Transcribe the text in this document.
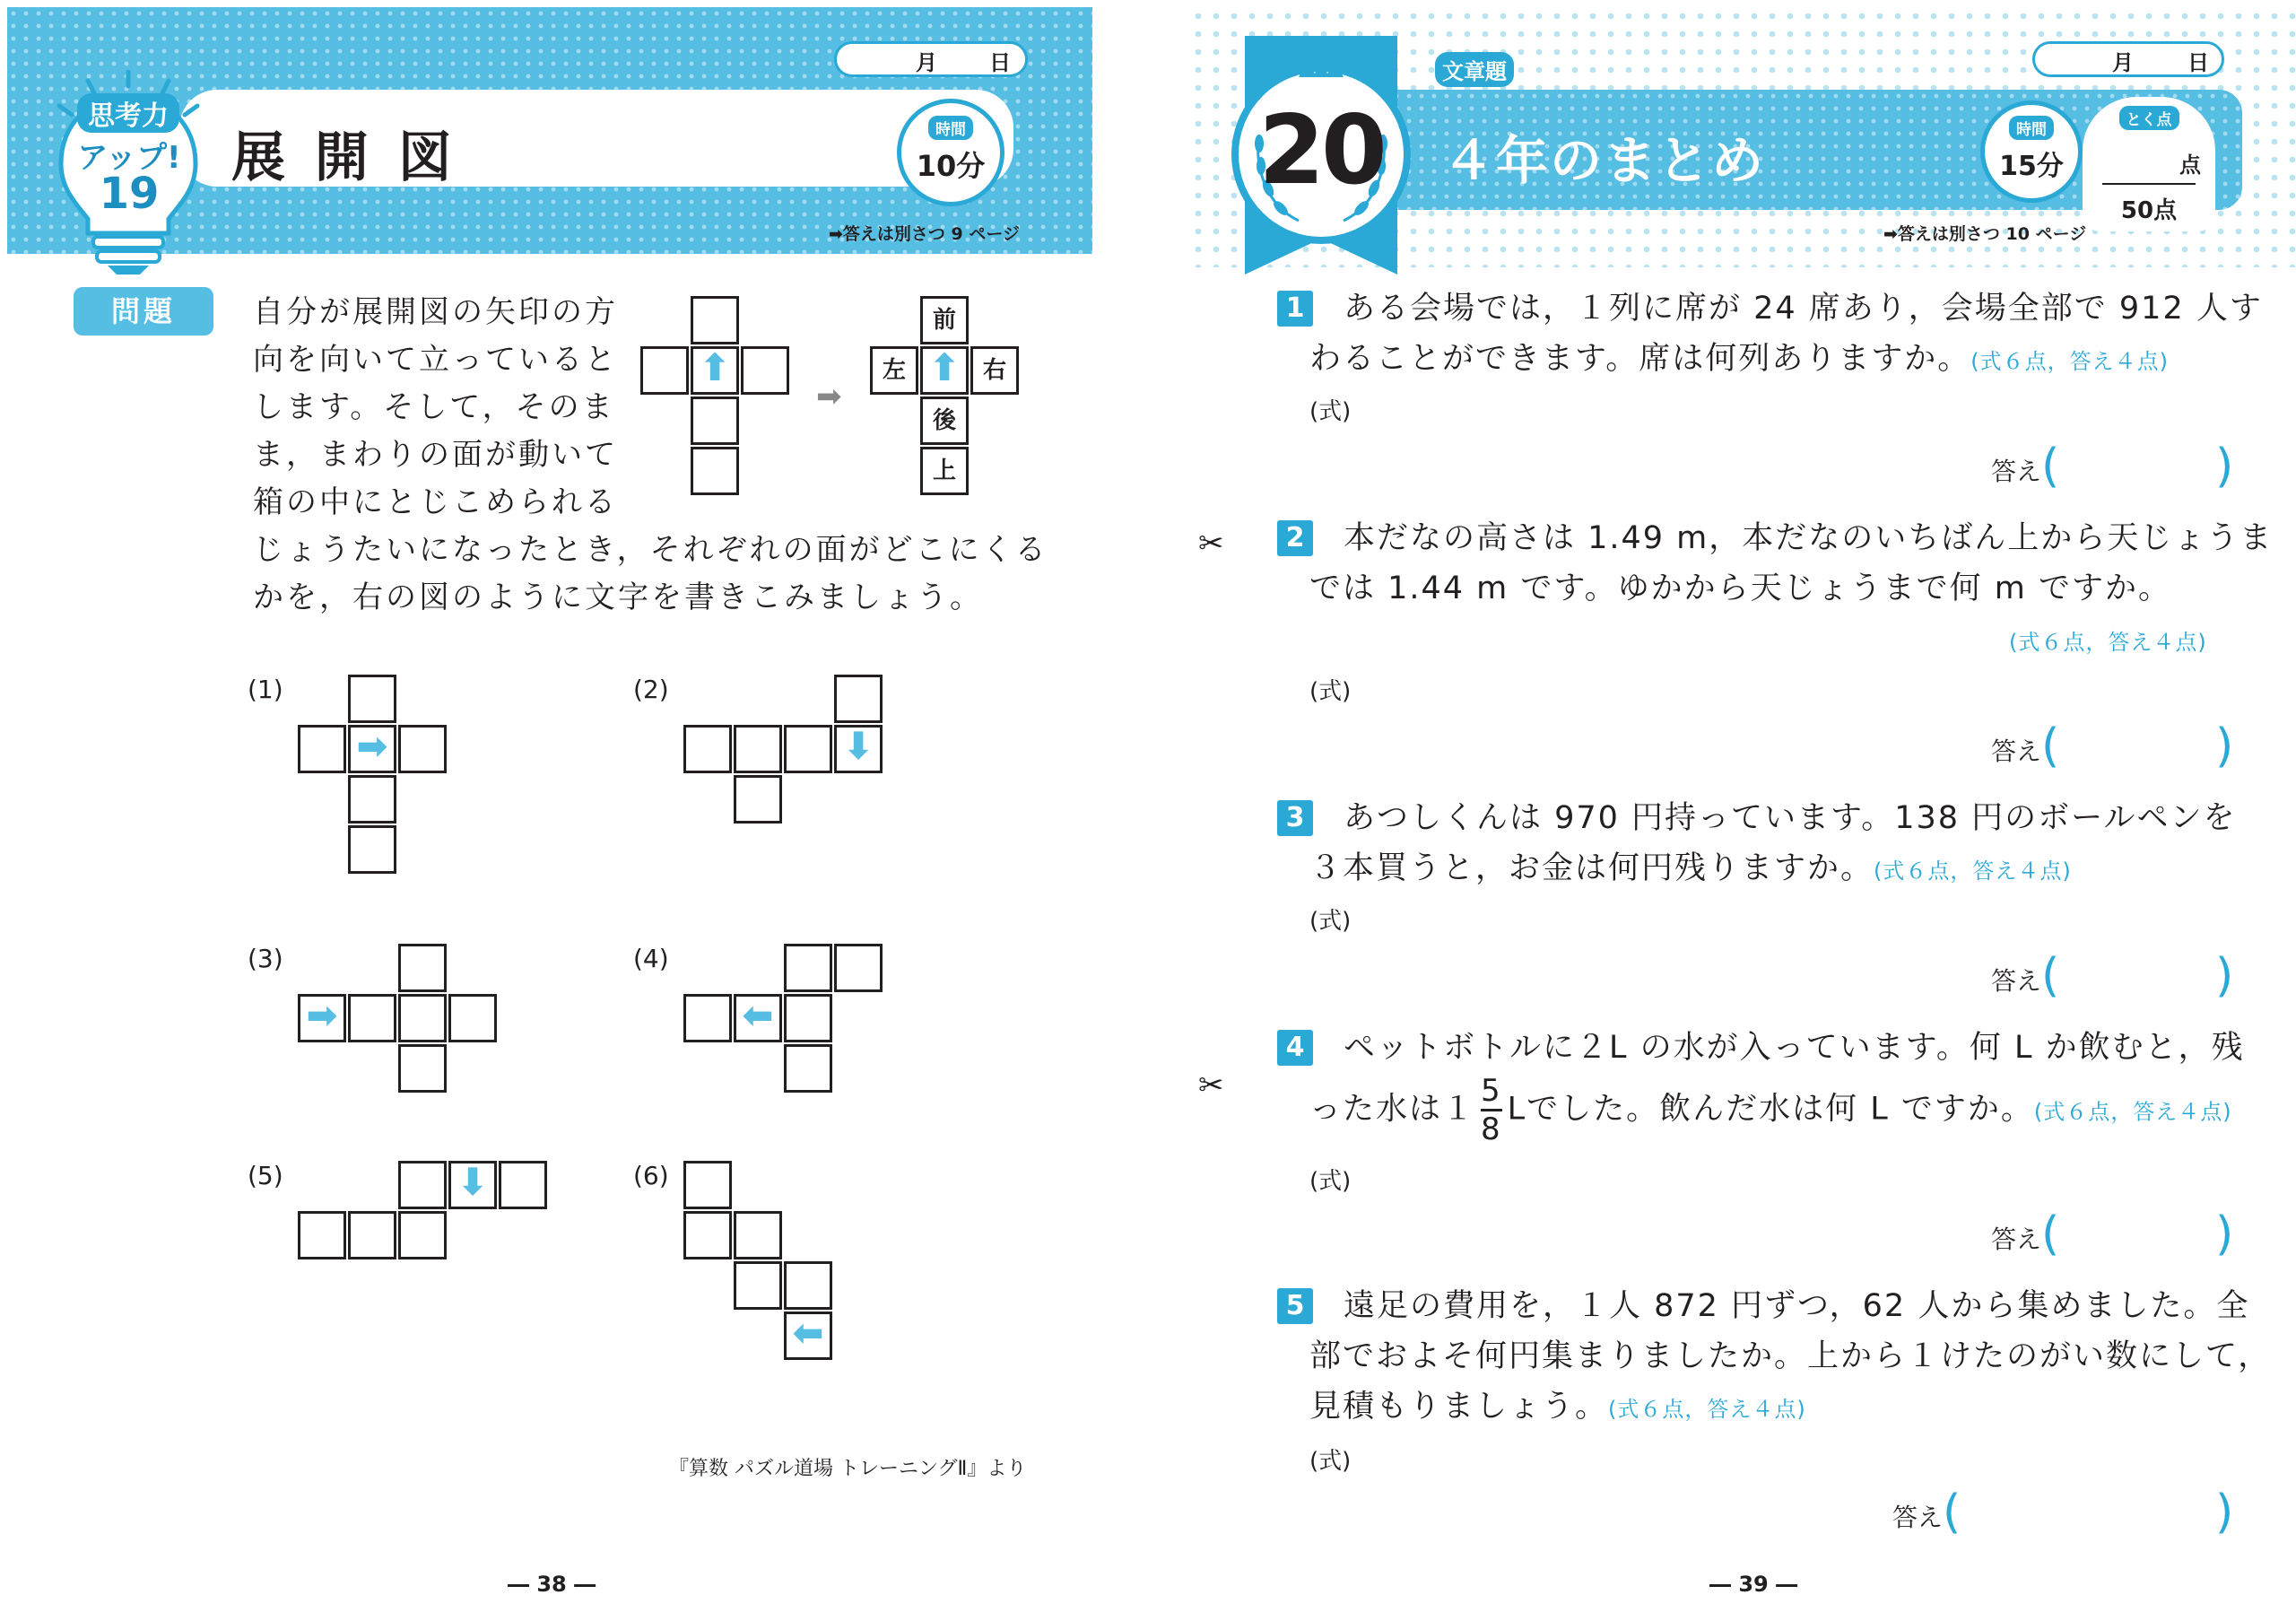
思考力
アップ!
19
展 開 図
月 日
時間
10分
➡答えは別さつ 9 ページ
問題	自分が展開図の矢印の方
向を向いて立っていると
します。そして，そのま
ま，まわりの面が動いて
箱の中にとじこめられる
じょうたいになったとき，それぞれの面がどこにくる
かを，右の図のように文字を書きこみましょう。
⬆
➡
前
左 ⬆ 右
後
上
(1)
➡
(2)
⬇
(3)
➡
(4)
⬅
(5)	⬇	(6)
⬅
『算数 パズル道場 トレーニングⅡ』より
― 38 ―
20
文章題
４年のまとめ
月	日
時間
15分
とく点
点
50点
➡答えは別さつ 10 ページ
1 ある会場では，１列に席が 24 席あり，会場全部で 912 人す
わることができます。席は何列ありますか。(式６点，答え４点)
(式)
答え (	)
✂	2 本だなの高さは 1.49 m，本だなのいちばん上から天じょうま
では 1.44 m です。ゆかから天じょうまで何 m ですか。
(式６点，答え４点)
(式)
答え (	)
3 あつしくんは 970 円持っています。138 円のボールペンを
３本買うと，お金は何円残りますか。(式６点，答え４点)
(式)
答え (	)
✂
4 ペットボトルに２L の水が入っています。何 L か飲むと，残
った水は$1 \frac{5}{8}$ Lでした。飲んだ水は何 L ですか。(式６点，答え４点)
(式)
答え (	)
5 遠足の費用を，１人 872 円ずつ，62 人から集めました。全
部でおよそ何円集まりましたか。上から１けたのがい数にして，
見積もりましょう。(式６点，答え４点)
(式)
答え (	)
― 39 ―
